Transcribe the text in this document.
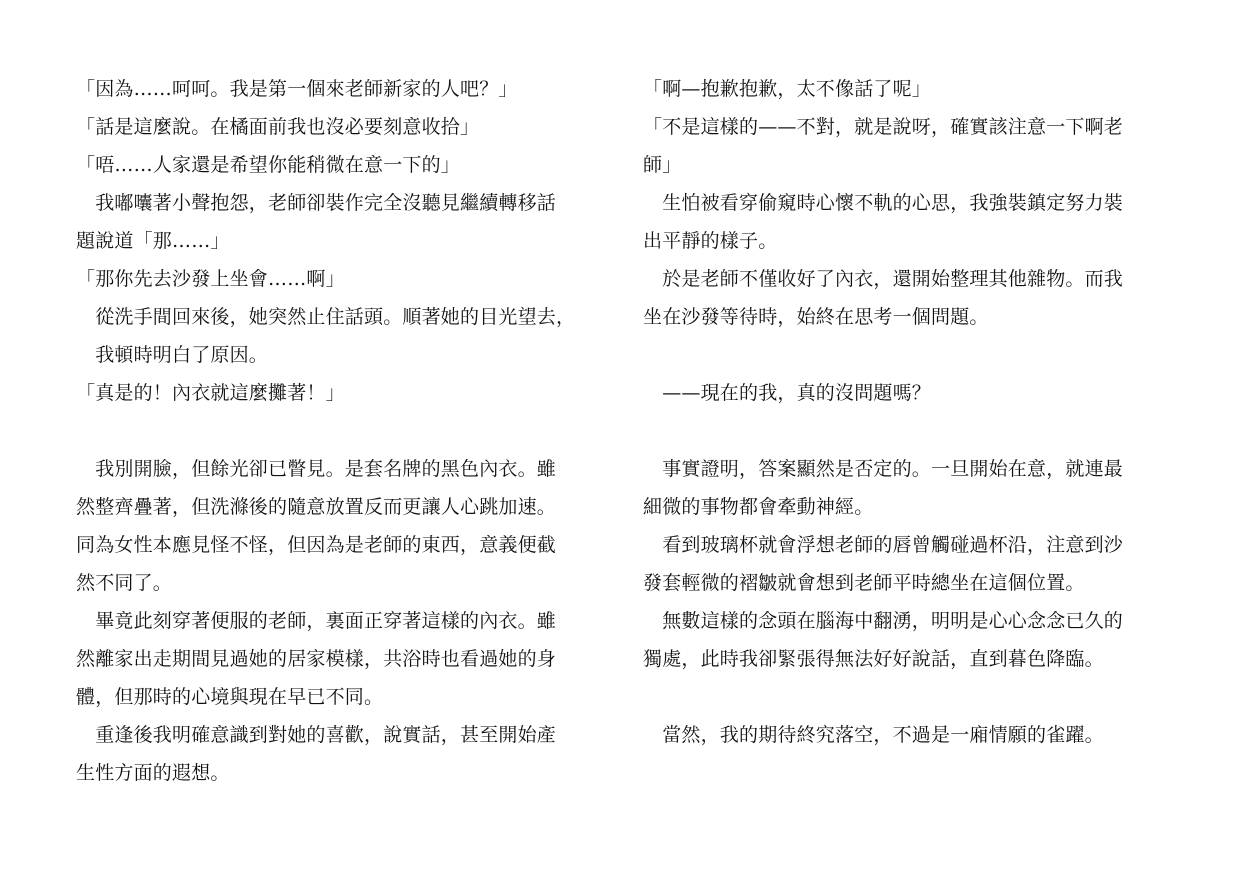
「因為……呵呵。我是第一個來老師新家的人吧？」
「話是這麼說。在橘面前我也沒必要刻意收拾」
「唔……人家還是希望你能稍微在意一下的」
　我嘟囔著小聲抱怨，老師卻裝作完全沒聽見繼續轉移話
題說道「那……」
「那你先去沙發上坐會……啊」
　從洗手間回來後，她突然止住話頭。順著她的目光望去，
　我頓時明白了原因。
「真是的！內衣就這麼攤著！」
　我別開臉，但餘光卻已瞥見。是套名牌的黑色內衣。雖
然整齊疊著，但洗滌後的隨意放置反而更讓人心跳加速。
同為女性本應見怪不怪，但因為是老師的東西，意義便截
然不同了。
　畢竟此刻穿著便服的老師，裏面正穿著這樣的內衣。雖
然離家出走期間見過她的居家模樣，共浴時也看過她的身
體，但那時的心境與現在早已不同。
　重逢後我明確意識到對她的喜歡，說實話，甚至開始產
生性方面的遐想。
「啊—抱歉抱歉，太不像話了呢」
「不是這樣的——不對，就是說呀，確實該注意一下啊老
師」
　生怕被看穿偷窺時心懷不軌的心思，我強裝鎮定努力裝
出平靜的樣子。
　於是老師不僅收好了內衣，還開始整理其他雜物。而我
坐在沙發等待時，始終在思考一個問題。
　——現在的我，真的沒問題嗎？
　事實證明，答案顯然是否定的。一旦開始在意，就連最
細微的事物都會牽動神經。
　看到玻璃杯就會浮想老師的唇曾觸碰過杯沿，注意到沙
發套輕微的褶皺就會想到老師平時總坐在這個位置。
　無數這樣的念頭在腦海中翻湧，明明是心心念念已久的
獨處，此時我卻緊張得無法好好說話，直到暮色降臨。
　當然，我的期待終究落空，不過是一廂情願的雀躍。
